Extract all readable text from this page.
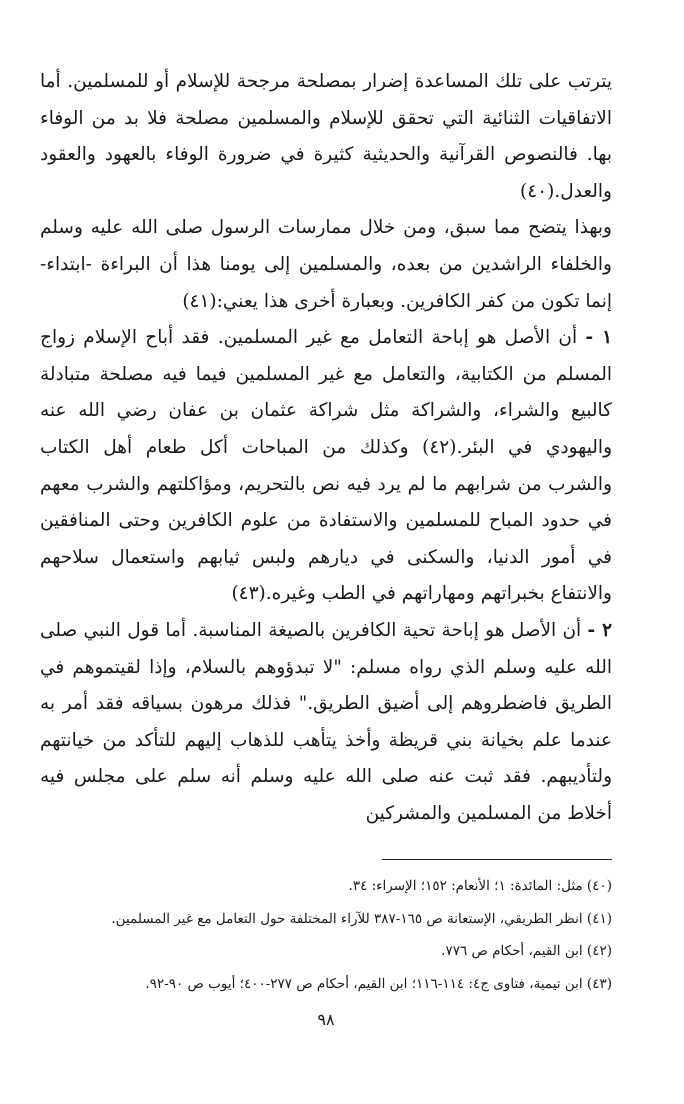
يترتب على تلك المساعدة إضرار بمصلحة مرجحة للإسلام أو للمسلمين. أما الاتفاقيات الثنائية التي تحقق للإسلام والمسلمين مصلحة فلا بد من الوفاء بها. فالنصوص القرآنية والحديثية كثيرة في ضرورة الوفاء بالعهود والعقود والعدل.(٤٠)

وبهذا يتضح مما سبق، ومن خلال ممارسات الرسول صلى الله عليه وسلم والخلفاء الراشدين من بعده، والمسلمين إلى يومنا هذا أن البراءة -ابتداء- إنما تكون من كفر الكافرين. وبعبارة أخرى هذا يعني:(٤١)

١ - أن الأصل هو إباحة التعامل مع غير المسلمين. فقد أباح الإسلام زواج المسلم من الكتابية، والتعامل مع غير المسلمين فيما فيه مصلحة متبادلة كالبيع والشراء، والشراكة مثل شراكة عثمان بن عفان رضي الله عنه واليهودي في البئر.(٤٢) وكذلك من المباحات أكل طعام أهل الكتاب والشرب من شرابهم ما لم يرد فيه نص بالتحريم، ومؤاكلتهم والشرب معهم في حدود المباح للمسلمين والاستفادة من علوم الكافرين وحتى المنافقين في أمور الدنيا، والسكنى في ديارهم ولبس ثيابهم واستعمال سلاحهم والانتفاع بخبراتهم ومهاراتهم في الطب وغيره.(٤٣)

٢ - أن الأصل هو إباحة تحية الكافرين بالصيغة المناسبة. أما قول النبي صلى الله عليه وسلم الذي رواه مسلم: "لا تبدؤوهم بالسلام، وإذا لقيتموهم في الطريق فاضطروهم إلى أضيق الطريق." فذلك مرهون بسياقه فقد أمر به عندما علم بخيانة بني قريظة وأخذ يتأهب للذهاب إليهم للتأكد من خيانتهم ولتأديبهم. فقد ثبت عنه صلى الله عليه وسلم أنه سلم على مجلس فيه أخلاط من المسلمين والمشركين

(٤٠) مثل: المائدة: ١؛ الأنعام: ١٥٢؛ الإسراء: ٣٤.

(٤١) انظر الطريقي، الإستعانة ص ١٦٥-٣٨٧ للآراء المختلفة حول التعامل مع غير المسلمين.

(٤٢) ابن القيم، أحكام ص ٧٧٦.

(٤٣) ابن تيمية، فتاوى ج٤: ١١٤-١١٦؛ ابن القيم، أحكام ص ٢٧٧-٤٠٠؛ أيوب ص ٩٠-٩٢.

٩٨
